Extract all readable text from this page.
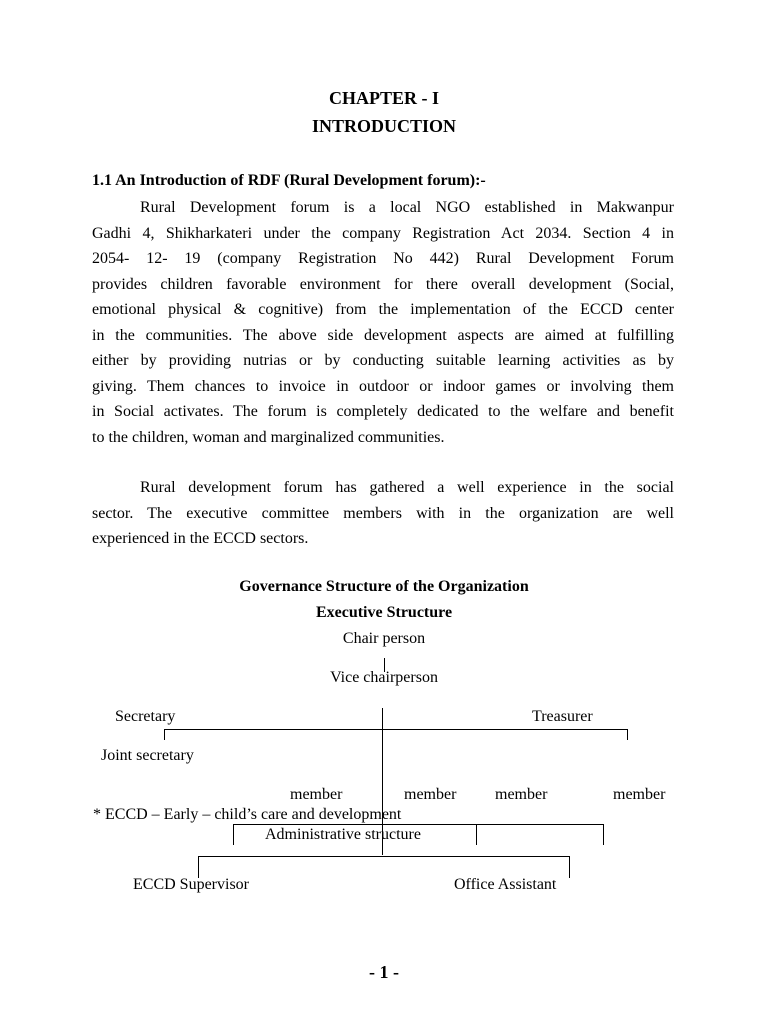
CHAPTER - I
INTRODUCTION
1.1 An Introduction of RDF (Rural Development forum):-
Rural Development forum is a local NGO established in Makwanpur
Gadhi 4, Shikharkateri under the company Registration Act 2034. Section 4 in
2054- 12- 19 (company Registration No 442) Rural Development Forum
provides children favorable environment for there overall development (Social,
emotional physical & cognitive) from the implementation of the ECCD center
in the communities. The above side development aspects are aimed at fulfilling
either by providing nutrias or by conducting suitable learning activities as by
giving. Them chances to invoice in outdoor or indoor games or involving them
in Social activates. The forum is completely dedicated to the welfare and benefit
to the children, woman and marginalized communities.
Rural development forum has gathered a well experience in the social
sector. The executive committee members with in the organization are well
experienced in the ECCD sectors.
Governance Structure of the Organization
Executive Structure
Chair person
Vice chairperson
Secretary	Treasurer
Joint secretary
member	member member	member
* ECCD – Early – child’s care and development
Administrative structure
ECCD Supervisor	Office Assistant
- 1 -
